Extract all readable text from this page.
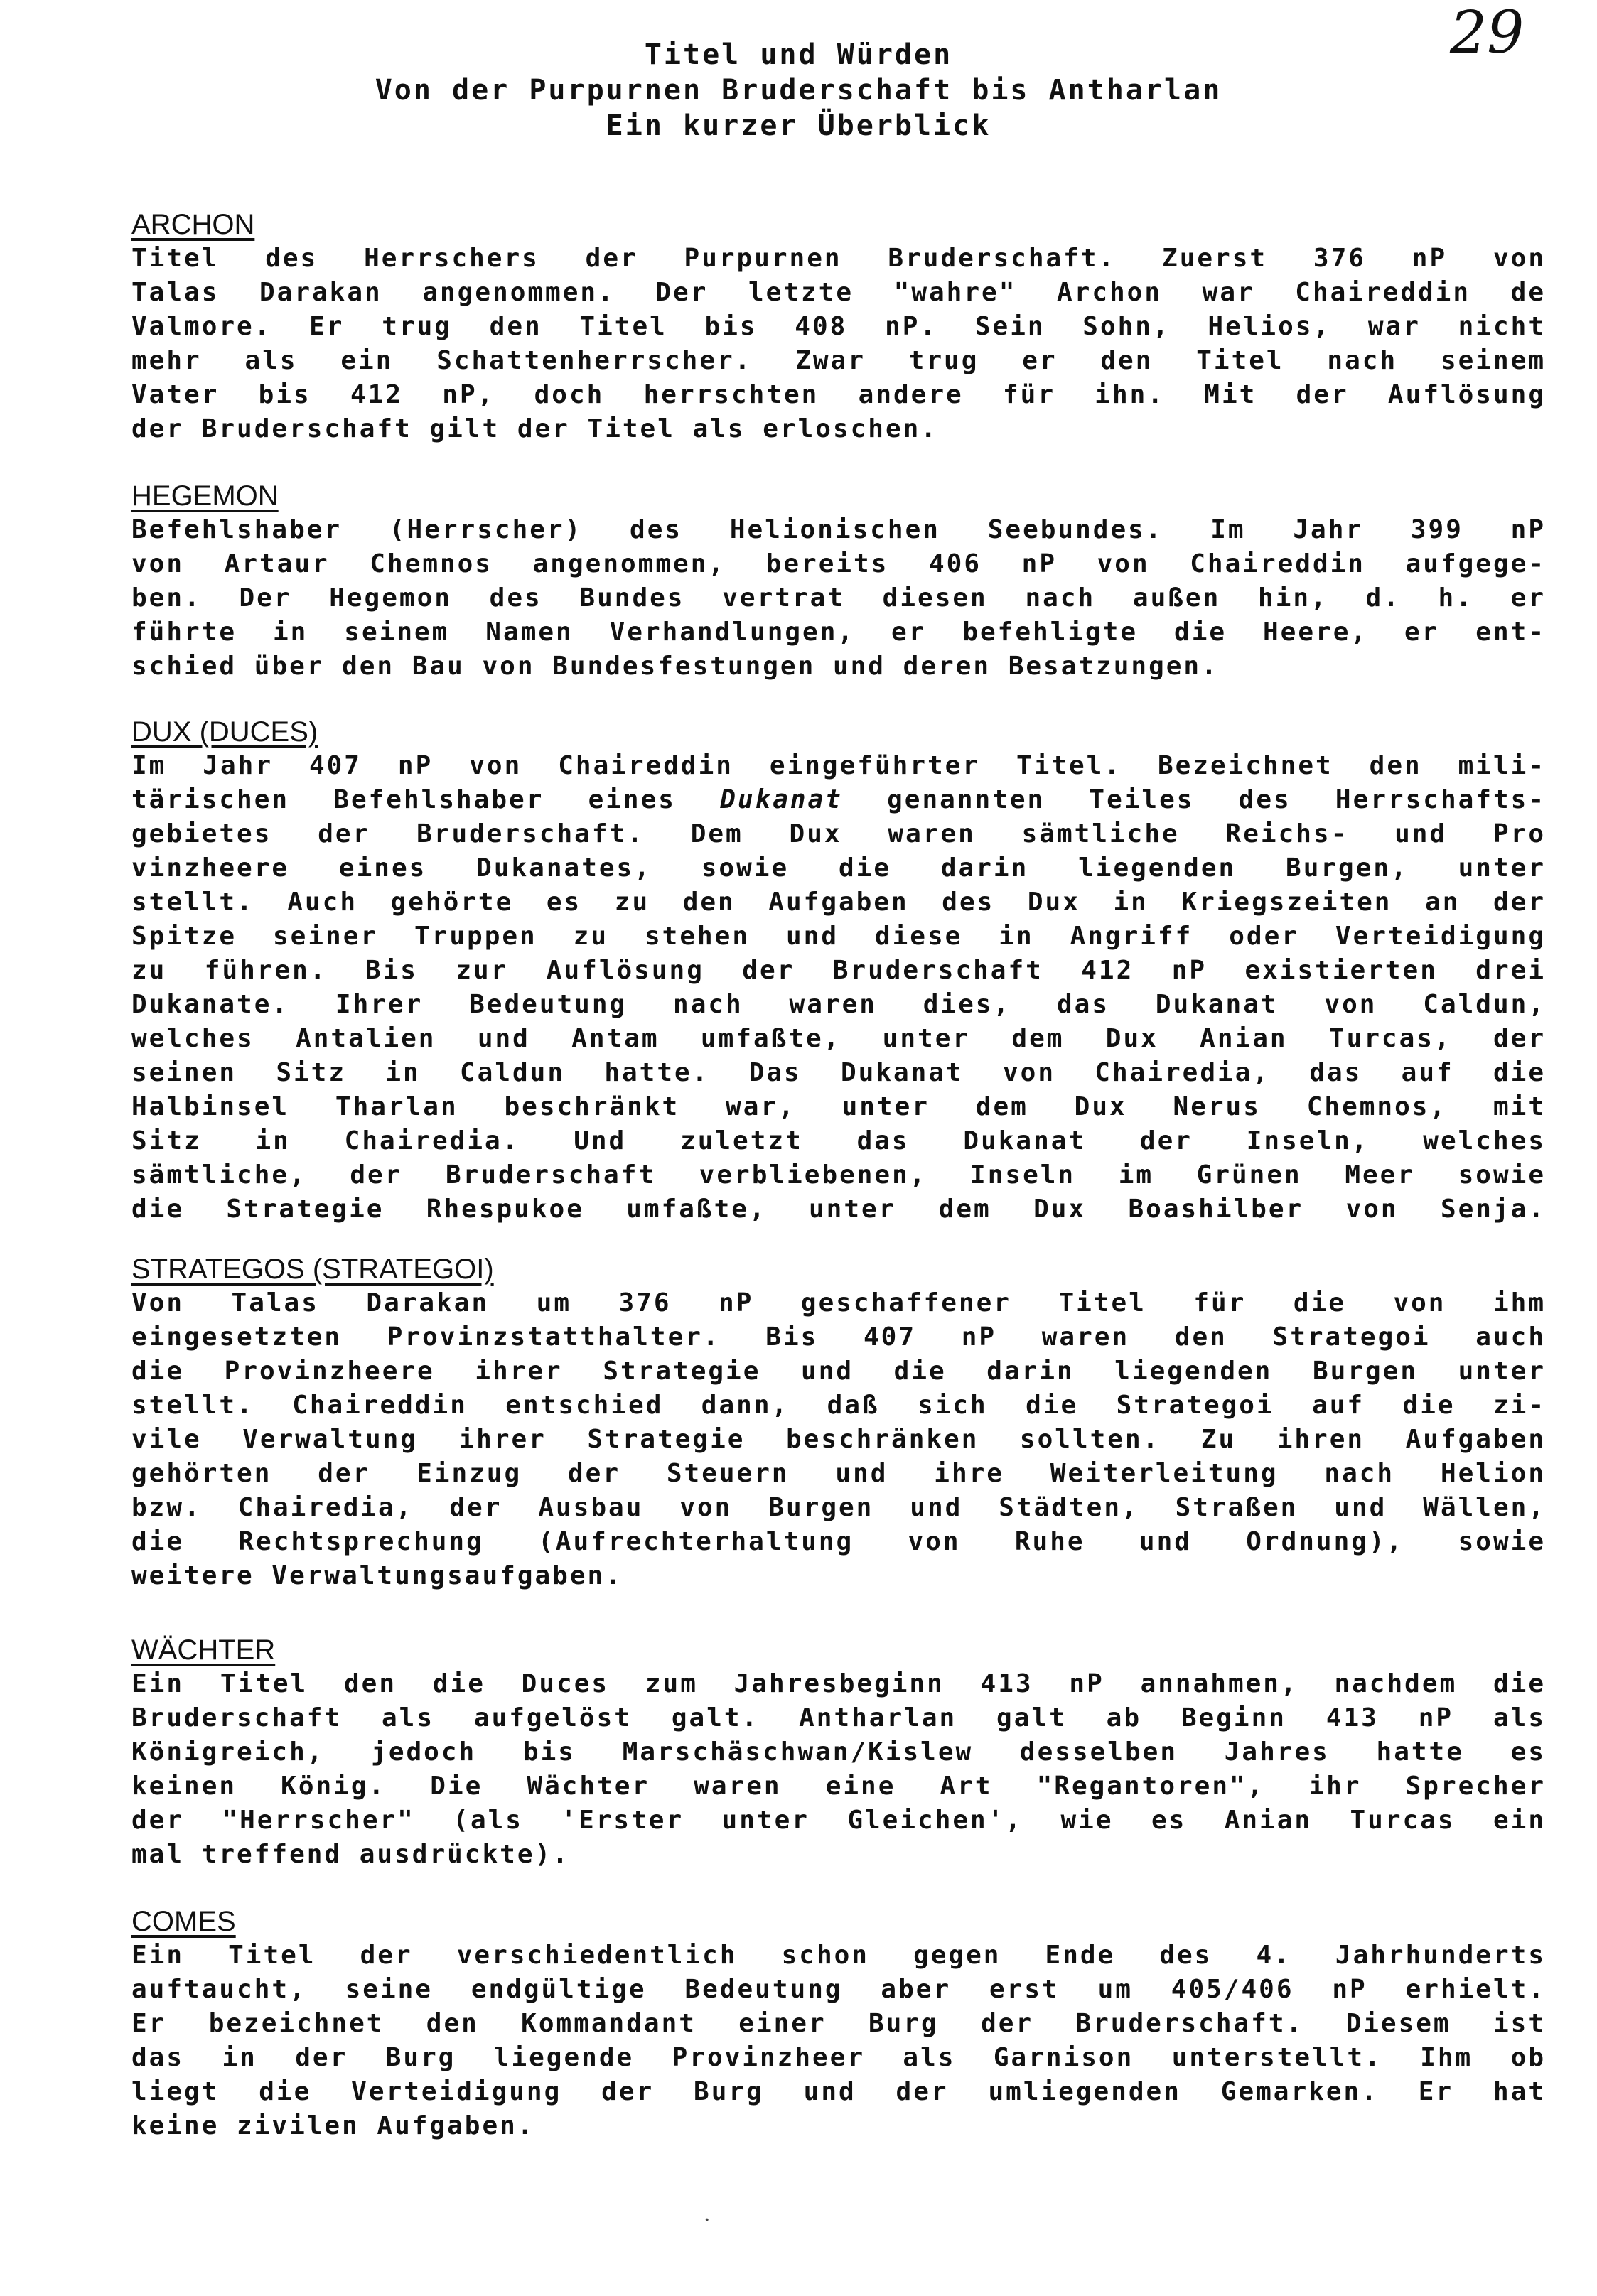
Titel und Würden
Von der Purpurnen Bruderschaft bis Antharlan
Ein kurzer Überblick
29
ARCHON
Titel des Herrschers der Purpurnen Bruderschaft. Zuerst 376 nP von
Talas Darakan angenommen. Der letzte "wahre" Archon war Chaireddin de
Valmore. Er trug den Titel bis 408 nP. Sein Sohn, Helios, war nicht
mehr als ein Schattenherrscher. Zwar trug er den Titel nach seinem
Vater bis 412 nP, doch herrschten andere für ihn. Mit der Auflösung
der Bruderschaft gilt der Titel als erloschen.
HEGEMON
Befehlshaber (Herrscher) des Helionischen Seebundes. Im Jahr 399 nP
von Artaur Chemnos angenommen, bereits 406 nP von Chaireddin aufgege-
ben. Der Hegemon des Bundes vertrat diesen nach außen hin, d. h. er
führte in seinem Namen Verhandlungen, er befehligte die Heere, er ent-
schied über den Bau von Bundesfestungen und deren Besatzungen.
DUX (DUCES)
Im Jahr 407 nP von Chaireddin eingeführter Titel. Bezeichnet den mili-
tärischen Befehlshaber eines Dukanat genannten Teiles des Herrschafts-
gebietes der Bruderschaft. Dem Dux waren sämtliche Reichs- und Pro
vinzheere eines Dukanates, sowie die darin liegenden Burgen, unter
stellt. Auch gehörte es zu den Aufgaben des Dux in Kriegszeiten an der
Spitze seiner Truppen zu stehen und diese in Angriff oder Verteidigung
zu führen. Bis zur Auflösung der Bruderschaft 412 nP existierten drei
Dukanate. Ihrer Bedeutung nach waren dies, das Dukanat von Caldun,
welches Antalien und Antam umfaßte, unter dem Dux Anian Turcas, der
seinen Sitz in Caldun hatte. Das Dukanat von Chairedia, das auf die
Halbinsel Tharlan beschränkt war, unter dem Dux Nerus Chemnos, mit
Sitz in Chairedia. Und zuletzt das Dukanat der Inseln, welches
sämtliche, der Bruderschaft verbliebenen, Inseln im Grünen Meer sowie
die Strategie Rhespukoe umfaßte, unter dem Dux Boashilber von Senja.
STRATEGOS (STRATEGOI)
Von Talas Darakan um 376 nP geschaffener Titel für die von ihm
eingesetzten Provinzstatthalter. Bis 407 nP waren den Strategoi auch
die Provinzheere ihrer Strategie und die darin liegenden Burgen unter
stellt. Chaireddin entschied dann, daß sich die Strategoi auf die zi-
vile Verwaltung ihrer Strategie beschränken sollten. Zu ihren Aufgaben
gehörten der Einzug der Steuern und ihre Weiterleitung nach Helion
bzw. Chairedia, der Ausbau von Burgen und Städten, Straßen und Wällen,
die Rechtsprechung (Aufrechterhaltung von Ruhe und Ordnung), sowie
weitere Verwaltungsaufgaben.
WÄCHTER
Ein Titel den die Duces zum Jahresbeginn 413 nP annahmen, nachdem die
Bruderschaft als aufgelöst galt. Antharlan galt ab Beginn 413 nP als
Königreich, jedoch bis Marschäschwan/Kislew desselben Jahres hatte es
keinen König. Die Wächter waren eine Art "Regantoren", ihr Sprecher
der "Herrscher" (als 'Erster unter Gleichen', wie es Anian Turcas ein
mal treffend ausdrückte).
COMES
Ein Titel der verschiedentlich schon gegen Ende des 4. Jahrhunderts
auftaucht, seine endgültige Bedeutung aber erst um 405/406 nP erhielt.
Er bezeichnet den Kommandant einer Burg der Bruderschaft. Diesem ist
das in der Burg liegende Provinzheer als Garnison unterstellt. Ihm ob
liegt die Verteidigung der Burg und der umliegenden Gemarken. Er hat
keine zivilen Aufgaben.
·
